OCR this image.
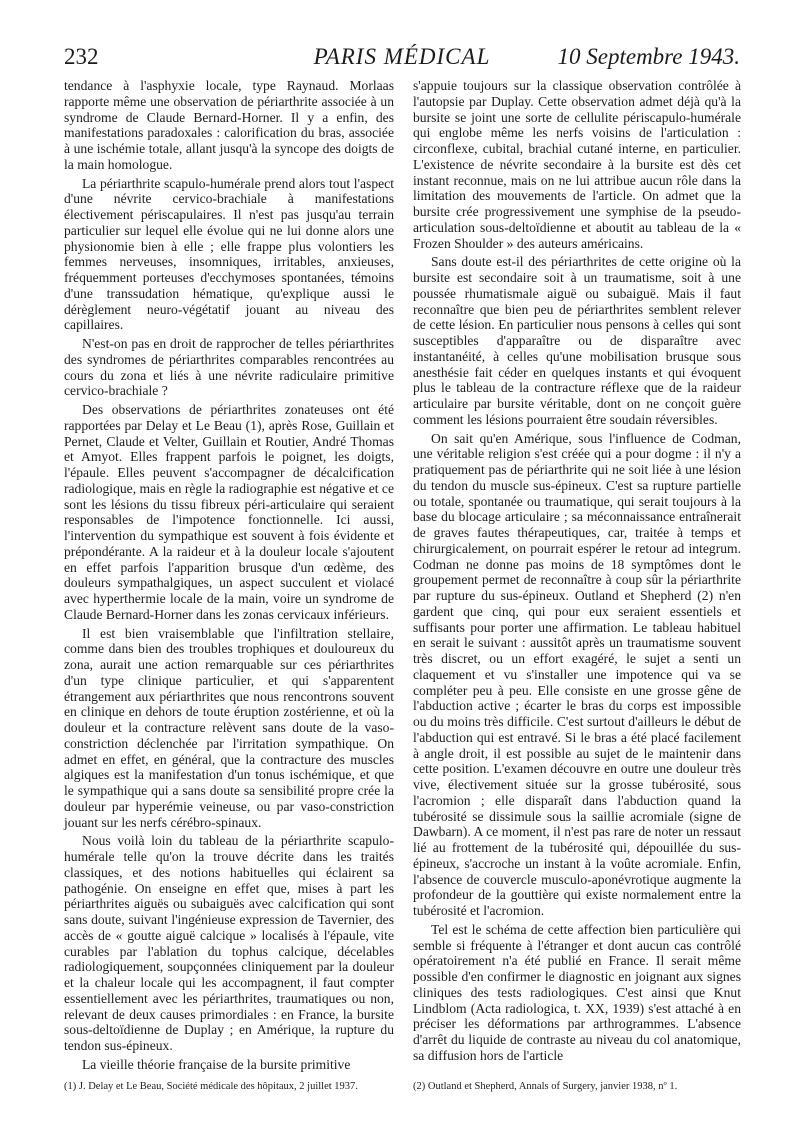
232	PARIS MÉDICAL	10 Septembre 1943.

tendance à l'asphyxie locale, type Raynaud. Morlaas rapporte même une observation de périarthrite associée à un syndrome de Claude Bernard-Horner. Il y a enfin, des manifestations paradoxales : calorification du bras, associée à une ischémie totale, allant jusqu'à la syncope des doigts de la main homologue.

La périarthrite scapulo-humérale prend alors tout l'aspect d'une névrite cervico-brachiale à manifestations électivement périscapulaires. Il n'est pas jusqu'au terrain particulier sur lequel elle évolue qui ne lui donne alors une physionomie bien à elle ; elle frappe plus volontiers les femmes nerveuses, insomniques, irritables, anxieuses, fréquemment porteuses d'ecchymoses spontanées, témoins d'une transsudation hématique, qu'explique aussi le dérèglement neuro-végétatif jouant au niveau des capillaires.

N'est-on pas en droit de rapprocher de telles périarthrites des syndromes de périarthrites comparables rencontrées au cours du zona et liés à une névrite radiculaire primitive cervico-brachiale ?

Des observations de périarthrites zonateuses ont été rapportées par Delay et Le Beau (1), après Rose, Guillain et Pernet, Claude et Velter, Guillain et Routier, André Thomas et Amyot. Elles frappent parfois le poignet, les doigts, l'épaule. Elles peuvent s'accompagner de décalcification radiologique, mais en règle la radiographie est négative et ce sont les lésions du tissu fibreux péri-articulaire qui seraient responsables de l'impotence fonctionnelle. Ici aussi, l'intervention du sympathique est souvent à fois évidente et prépondérante. A la raideur et à la douleur locale s'ajoutent en effet parfois l'apparition brusque d'un œdème, des douleurs sympathalgiques, un aspect succulent et violacé avec hyperthermie locale de la main, voire un syndrome de Claude Bernard-Horner dans les zonas cervicaux inférieurs.

Il est bien vraisemblable que l'infiltration stellaire, comme dans bien des troubles trophiques et douloureux du zona, aurait une action remarquable sur ces périarthrites d'un type clinique particulier, et qui s'apparentent étrangement aux périarthrites que nous rencontrons souvent en clinique en dehors de toute éruption zostérienne, et où la douleur et la contracture relèvent sans doute de la vaso-constriction déclenchée par l'irritation sympathique. On admet en effet, en général, que la contracture des muscles algiques est la manifestation d'un tonus ischémique, et que le sympathique qui a sans doute sa sensibilité propre crée la douleur par hyperémie veineuse, ou par vaso-constriction jouant sur les nerfs cérébro-spinaux.

Nous voilà loin du tableau de la périarthrite scapulo-humérale telle qu'on la trouve décrite dans les traités classiques, et des notions habituelles qui éclairent sa pathogénie. On enseigne en effet que, mises à part les périarthrites aiguës ou subaiguës avec calcification qui sont sans doute, suivant l'ingénieuse expression de Tavernier, des accès de « goutte aiguë calcique » localisés à l'épaule, vite curables par l'ablation du tophus calcique, décelables radiologiquement, soupçonnées cliniquement par la douleur et la chaleur locale qui les accompagnent, il faut compter essentiellement avec les périarthrites, traumatiques ou non, relevant de deux causes primordiales : en France, la bursite sous-deltoïdienne de Duplay ; en Amérique, la rupture du tendon sus-épineux.

La vieille théorie française de la bursite primitive

s'appuie toujours sur la classique observation contrôlée à l'autopsie par Duplay. Cette observation admet déjà qu'à la bursite se joint une sorte de cellulite périscapulo-humérale qui englobe même les nerfs voisins de l'articulation : circonflexe, cubital, brachial cutané interne, en particulier. L'existence de névrite secondaire à la bursite est dès cet instant reconnue, mais on ne lui attribue aucun rôle dans la limitation des mouvements de l'article. On admet que la bursite crée progressivement une symphise de la pseudo-articulation sous-deltoïdienne et aboutit au tableau de la « Frozen Shoulder » des auteurs américains.

Sans doute est-il des périarthrites de cette origine où la bursite est secondaire soit à un traumatisme, soit à une poussée rhumatismale aiguë ou subaiguë. Mais il faut reconnaître que bien peu de périarthrites semblent relever de cette lésion. En particulier nous pensons à celles qui sont susceptibles d'apparaître ou de disparaître avec instantanéité, à celles qu'une mobilisation brusque sous anesthésie fait céder en quelques instants et qui évoquent plus le tableau de la contracture réflexe que de la raideur articulaire par bursite véritable, dont on ne conçoit guère comment les lésions pourraient être soudain réversibles.

On sait qu'en Amérique, sous l'influence de Codman, une véritable religion s'est créée qui a pour dogme : il n'y a pratiquement pas de périarthrite qui ne soit liée à une lésion du tendon du muscle sus-épineux. C'est sa rupture partielle ou totale, spontanée ou traumatique, qui serait toujours à la base du blocage articulaire ; sa méconnaissance entraînerait de graves fautes thérapeutiques, car, traitée à temps et chirurgicalement, on pourrait espérer le retour ad integrum. Codman ne donne pas moins de 18 symptômes dont le groupement permet de reconnaître à coup sûr la périarthrite par rupture du sus-épineux. Outland et Shepherd (2) n'en gardent que cinq, qui pour eux seraient essentiels et suffisants pour porter une affirmation. Le tableau habituel en serait le suivant : aussitôt après un traumatisme souvent très discret, ou un effort exagéré, le sujet a senti un claquement et vu s'installer une impotence qui va se compléter peu à peu. Elle consiste en une grosse gêne de l'abduction active ; écarter le bras du corps est impossible ou du moins très difficile. C'est surtout d'ailleurs le début de l'abduction qui est entravé. Si le bras a été placé facilement à angle droit, il est possible au sujet de le maintenir dans cette position. L'examen découvre en outre une douleur très vive, électivement située sur la grosse tubérosité, sous l'acromion ; elle disparaît dans l'abduction quand la tubérosité se dissimule sous la saillie acromiale (signe de Dawbarn). A ce moment, il n'est pas rare de noter un ressaut lié au frottement de la tubérosité qui, dépouillée du sus-épineux, s'accroche un instant à la voûte acromiale. Enfin, l'absence de couvercle musculo-aponévrotique augmente la profondeur de la gouttière qui existe normalement entre la tubérosité et l'acromion.

Tel est le schéma de cette affection bien particulière qui semble si fréquente à l'étranger et dont aucun cas contrôlé opératoirement n'a été publié en France. Il serait même possible d'en confirmer le diagnostic en joignant aux signes cliniques des tests radiologiques. C'est ainsi que Knut Lindblom (Acta radiologica, t. XX, 1939) s'est attaché à en préciser les déformations par arthrogrammes. L'absence d'arrêt du liquide de contraste au niveau du col anatomique, sa diffusion hors de l'article

(1) J. Delay et Le Beau, Société médicale des hôpitaux, 2 juillet 1937.	(2) Outland et Shepherd, Annals of Surgery, janvier 1938, nº 1.
